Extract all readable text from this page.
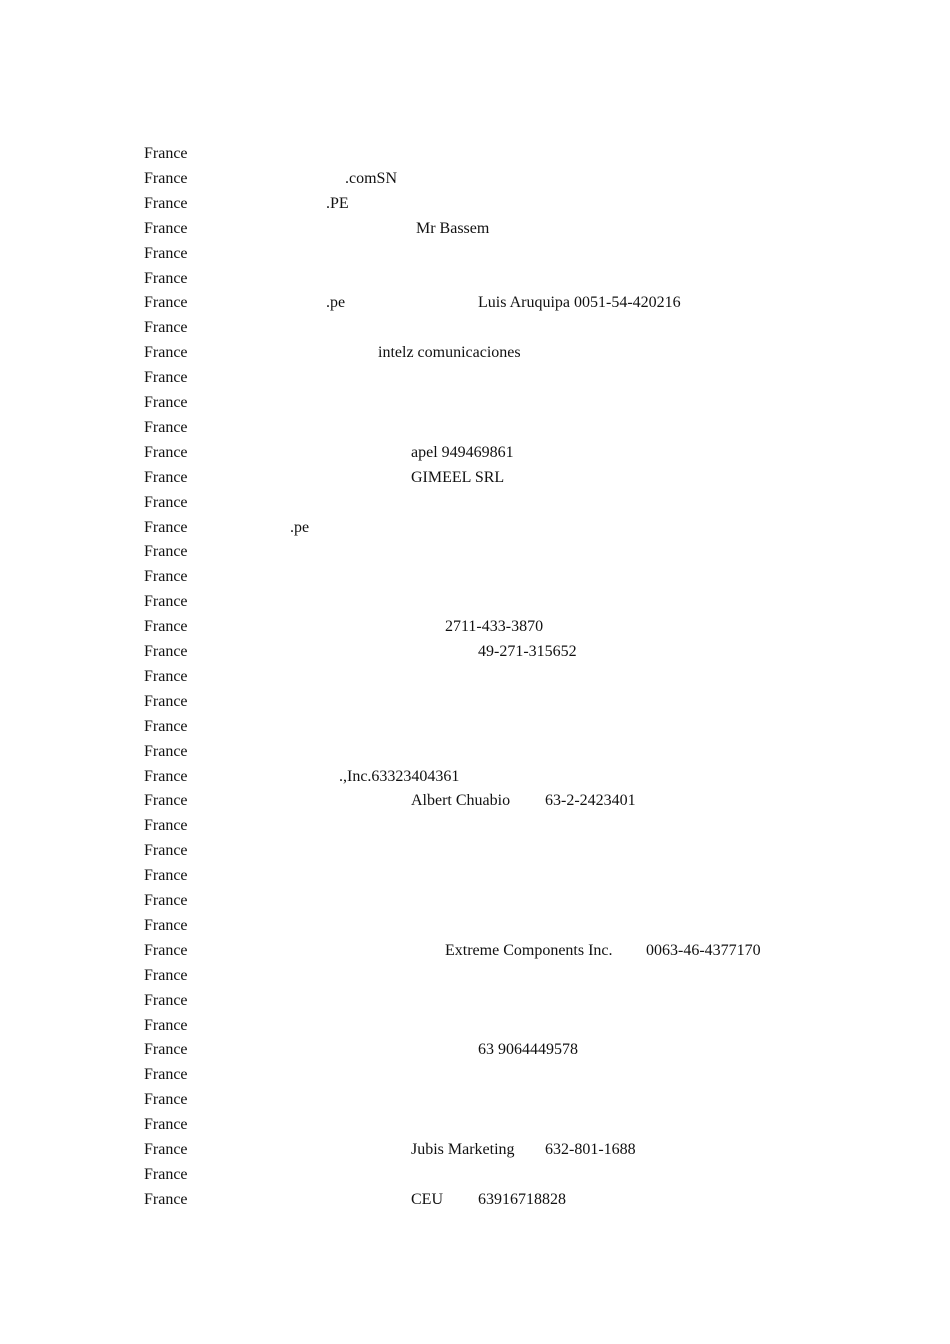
France
France	.comSN
France	.PE
France	Mr Bassem
France
France
France	.pe	Luis Aruquipa 0051-54-420216
France
France	intelz comunicaciones
France
France
France
France	apel 949469861
France	GIMEEL SRL
France
France	.pe
France
France
France
France	2711-433-3870
France	49-271-315652
France
France
France
France
France	.,Inc.63323404361
France	Albert Chuabio 63-2-2423401
France
France
France
France
France
France	Extreme Components Inc. 0063-46-4377170
France
France
France
France	63 9064449578
France
France
France
France	Jubis Marketing 632-801-1688
France
France	CEU 63916718828
